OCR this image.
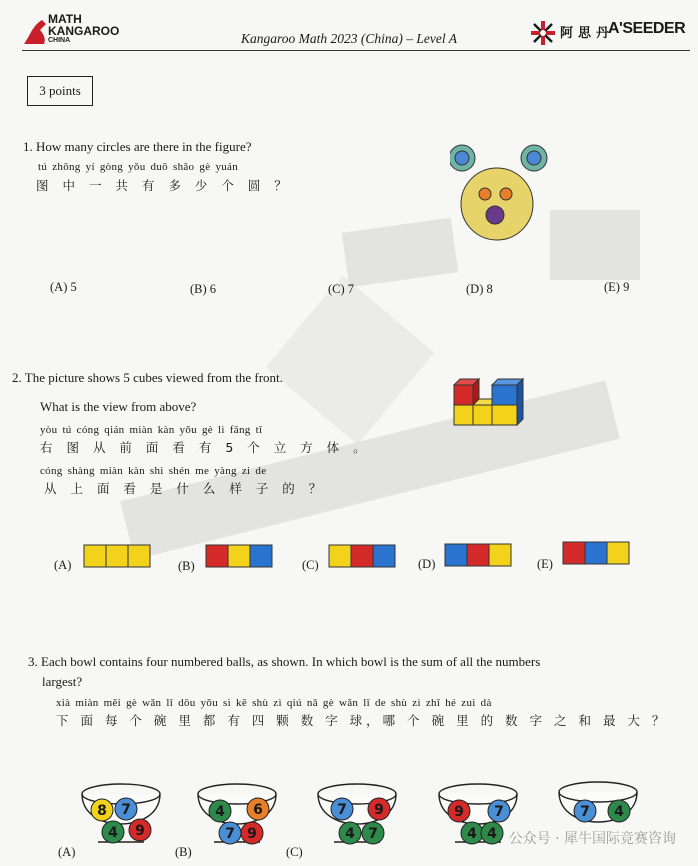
MATH
KANGAROO
CHINA	Kangaroo Math 2023 (China) – Level A	阿思丹
A'SEEDER
3 points
1. How many circles are there in the figure?
tú zhōng yí gòng yǒu duō shǎo gè yuán
图 中 一 共 有 多 少 个 圆 ？
(A) 5	(B) 6	(C) 7	(D) 8	(E) 9
2. The picture shows 5 cubes viewed from the front.
What is the view from above?
yòu tú cóng qián miàn kàn yǒu gè lì fāng tǐ
右 图 从 前 面 看 有 5 个 立 方 体 。
cóng shàng miàn kàn shì shén me yàng zi de
从 上 面 看 是 什 么 样 子 的 ？
(A)	(B)	(C)	(D)	(E)
3. Each bowl contains four numbered balls, as shown. In which bowl is the sum of all the numbers
largest?
xià miàn měi gè wǎn lǐ dōu yǒu sì kē shù zì qiú nǎ gè wǎn lǐ de shù zì zhī hé zuì dà
下 面 每 个 碗 里 都 有 四 颗 数 字 球，哪 个 碗 里 的 数 字 之 和 最 大 ？
8 7
4 9
(A)
4 6
7 9
(B)
7 9
4 7
(C)
9 7
4 4
7 4
公众号 · 犀牛国际竞赛咨询
